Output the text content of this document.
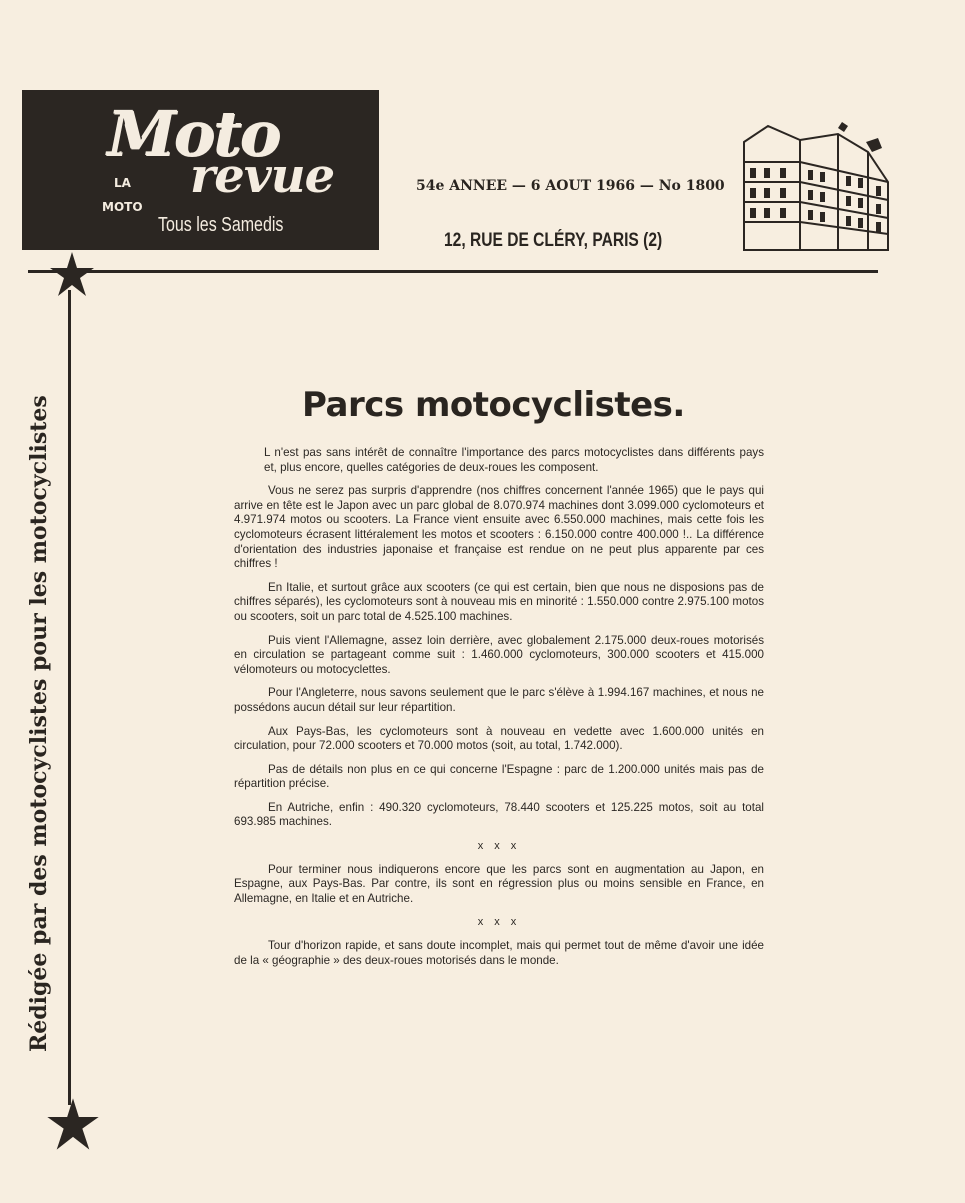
Moto
revue
LA
MOTO
Tous les Samedis
54e ANNEE — 6 AOUT 1966 — No 1800
12, RUE DE CLÉRY, PARIS (2)
Rédigée par des motocyclistes pour les motocyclistes	Parcs motocyclistes.

L n'est pas sans intérêt de connaître l'importance des parcs motocyclistes dans différents pays et, plus encore, quelles catégories de deux-roues les composent.

Vous ne serez pas surpris d'apprendre (nos chiffres concernent l'année 1965) que le pays qui arrive en tête est le Japon avec un parc global de 8.070.974 machines dont 3.099.000 cyclomoteurs et 4.971.974 motos ou scooters. La France vient ensuite avec 6.550.000 machines, mais cette fois les cyclomoteurs écrasent littéralement les motos et scooters : 6.150.000 contre 400.000 !.. La différence d'orientation des industries japonaise et française est rendue on ne peut plus apparente par ces chiffres !

En Italie, et surtout grâce aux scooters (ce qui est certain, bien que nous ne disposions pas de chiffres séparés), les cyclomoteurs sont à nouveau mis en minorité : 1.550.000 contre 2.975.100 motos ou scooters, soit un parc total de 4.525.100 machines.

Puis vient l'Allemagne, assez loin derrière, avec globalement 2.175.000 deux-roues motorisés en circulation se partageant comme suit : 1.460.000 cyclomoteurs, 300.000 scooters et 415.000 vélomoteurs ou motocyclettes.

Pour l'Angleterre, nous savons seulement que le parc s'élève à 1.994.167 machines, et nous ne possédons aucun détail sur leur répartition.

Aux Pays-Bas, les cyclomoteurs sont à nouveau en vedette avec 1.600.000 unités en circulation, pour 72.000 scooters et 70.000 motos (soit, au total, 1.742.000).

Pas de détails non plus en ce qui concerne l'Espagne : parc de 1.200.000 unités mais pas de répartition précise.

En Autriche, enfin : 490.320 cyclomoteurs, 78.440 scooters et 125.225 motos, soit au total 693.985 machines.

x x x

Pour terminer nous indiquerons encore que les parcs sont en augmentation au Japon, en Espagne, aux Pays-Bas. Par contre, ils sont en régression plus ou moins sensible en France, en Allemagne, en Italie et en Autriche.

x x x

Tour d'horizon rapide, et sans doute incomplet, mais qui permet tout de même d'avoir une idée de la « géographie » des deux-roues motorisés dans le monde.
